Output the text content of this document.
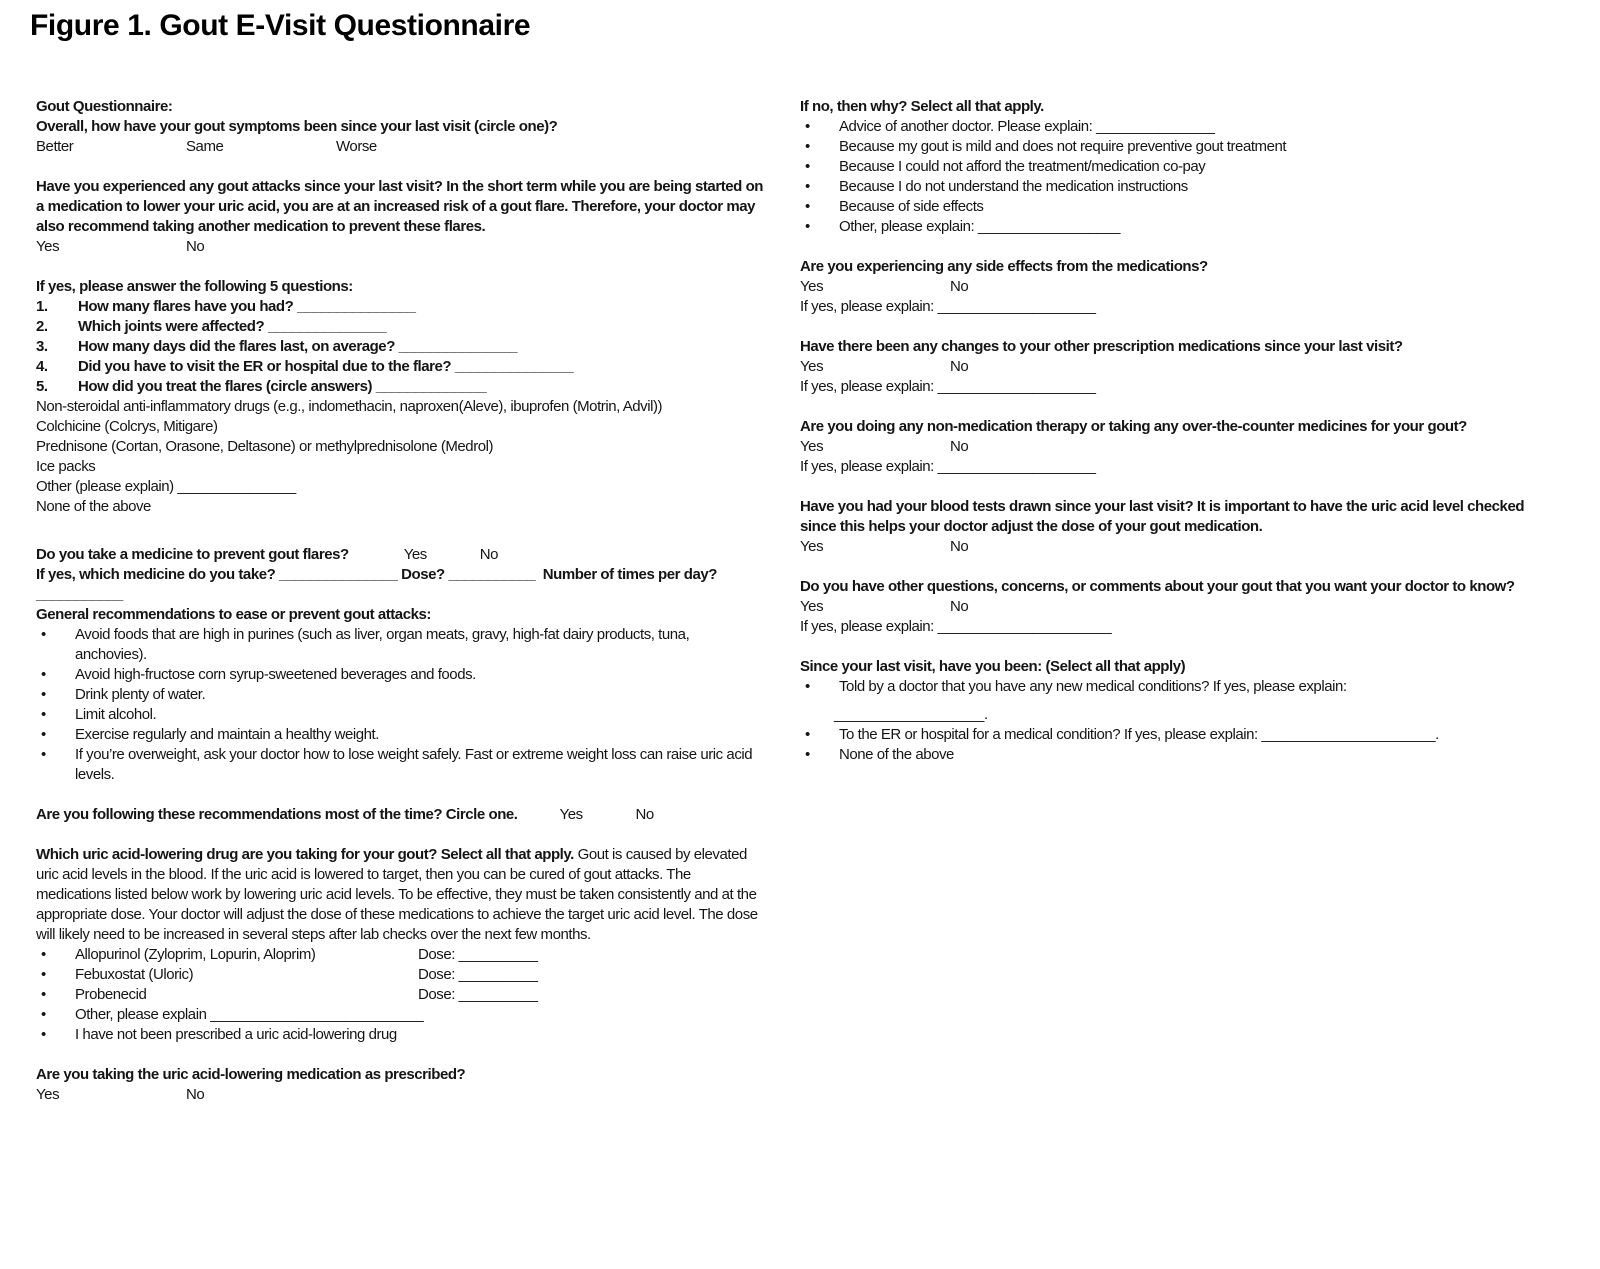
Figure 1. Gout E-Visit Questionnaire

Gout Questionnaire:

Overall, how have your gout symptoms been since your last visit (circle one)?

Better	Same	Worse

Have you experienced any gout attacks since your last visit? In the short term while you are being started on a medication to lower your uric acid, you are at an increased risk of a gout flare. Therefore, your doctor may also recommend taking another medication to prevent these flares.

Yes	No

If yes, please answer the following 5 questions:

1.	How many flares have you had? _______________
2.	Which joints were affected? _______________
3.	How many days did the flares last, on average? _______________
4.	Did you have to visit the ER or hospital due to the flare? _______________
5.	How did you treat the flares (circle answers) ______________

Non-steroidal anti-inflammatory drugs (e.g., indomethacin, naproxen(Aleve), ibuprofen (Motrin, Advil))

Colchicine (Colcrys, Mitigare)

Prednisone (Cortan, Orasone, Deltasone) or methylprednisolone (Medrol)

Ice packs

Other (please explain) _______________

None of the above

Do you take a medicine to prevent gout flares?	Yes	No

If yes, which medicine do you take? _______________ Dose? ___________ Number of times per day? ___________

General recommendations to ease or prevent gout attacks:

•	Avoid foods that are high in purines (such as liver, organ meats, gravy, high-fat dairy products, tuna, anchovies).
•	Avoid high-fructose corn syrup-sweetened beverages and foods.
•	Drink plenty of water.
•	Limit alcohol.
•	Exercise regularly and maintain a healthy weight.
•	If you’re overweight, ask your doctor how to lose weight safely. Fast or extreme weight loss can raise uric acid levels.

Are you following these recommendations most of the time? Circle one.	Yes	No

Which uric acid-lowering drug are you taking for your gout? Select all that apply. Gout is caused by elevated uric acid levels in the blood. If the uric acid is lowered to target, then you can be cured of gout attacks. The medications listed below work by lowering uric acid levels. To be effective, they must be taken consistently and at the appropriate dose. Your doctor will adjust the dose of these medications to achieve the target uric acid level. The dose will likely need to be increased in several steps after lab checks over the next few months.

•	Allopurinol (Zyloprim, Lopurin, Aloprim)	Dose: __________
•	Febuxostat (Uloric)	Dose: __________
•	Probenecid	Dose: __________
•	Other, please explain ___________________________
•	I have not been prescribed a uric acid-lowering drug

Are you taking the uric acid-lowering medication as prescribed?

Yes	No

If no, then why? Select all that apply.

•	Advice of another doctor. Please explain: _______________
•	Because my gout is mild and does not require preventive gout treatment
•	Because I could not afford the treatment/medication co-pay
•	Because I do not understand the medication instructions
•	Because of side effects
•	Other, please explain: __________________

Are you experiencing any side effects from the medications?

Yes	No

If yes, please explain: ____________________

Have there been any changes to your other prescription medications since your last visit?

Yes	No

If yes, please explain: ____________________

Are you doing any non-medication therapy or taking any over-the-counter medicines for your gout?

Yes	No

If yes, please explain: ____________________

Have you had your blood tests drawn since your last visit? It is important to have the uric acid level checked since this helps your doctor adjust the dose of your gout medication.

Yes	No

Do you have other questions, concerns, or comments about your gout that you want your doctor to know?

Yes	No

If yes, please explain: ______________________

Since your last visit, have you been: (Select all that apply)

•	Told by a doctor that you have any new medical conditions? If yes, please explain:

___________________.

•	To the ER or hospital for a medical condition? If yes, please explain: ______________________.
•	None of the above
